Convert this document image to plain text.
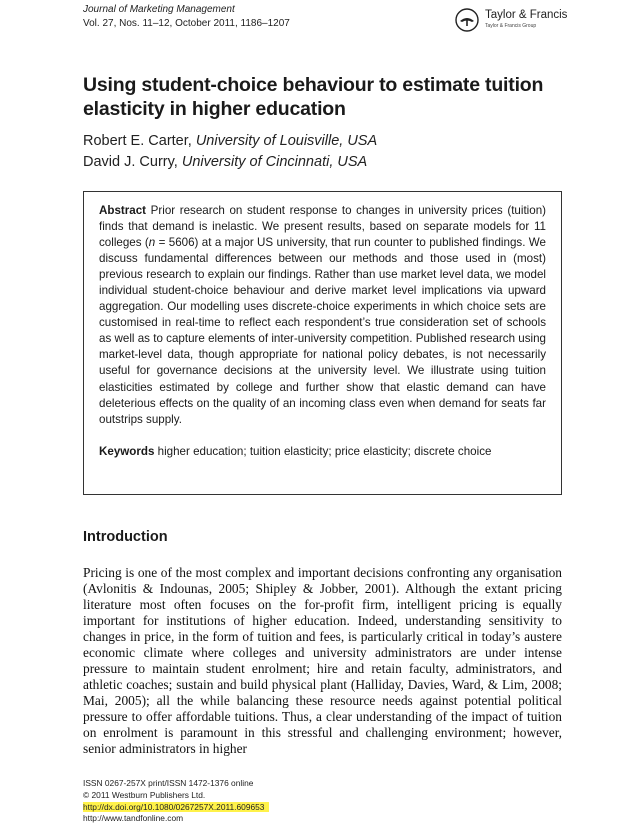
Journal of Marketing Management
Vol. 27, Nos. 11–12, October 2011, 1186–1207
Taylor & Francis
Taylor & Francis Group
Using student-choice behaviour to estimate tuition elasticity in higher education
Robert E. Carter, University of Louisville, USA
David J. Curry, University of Cincinnati, USA

Abstract Prior research on student response to changes in university prices (tuition) finds that demand is inelastic. We present results, based on separate models for 11 colleges (n = 5606) at a major US university, that run counter to published findings. We discuss fundamental differences between our methods and those used in (most) previous research to explain our findings. Rather than use market level data, we model individual student-choice behaviour and derive market level implications via upward aggregation. Our modelling uses discrete-choice experiments in which choice sets are customised in real-time to reflect each respondent’s true consideration set of schools as well as to capture elements of inter-university competition. Published research using market-level data, though appropriate for national policy debates, is not necessarily useful for governance decisions at the university level. We illustrate using tuition elasticities estimated by college and further show that elastic demand can have deleterious effects on the quality of an incoming class even when demand for seats far outstrips supply.

Keywords higher education; tuition elasticity; price elasticity; discrete choice

Introduction

Pricing is one of the most complex and important decisions confronting any organisation (Avlonitis & Indounas, 2005; Shipley & Jobber, 2001). Although the extant pricing literature most often focuses on the for-profit firm, intelligent pricing is equally important for institutions of higher education. Indeed, understanding sensitivity to changes in price, in the form of tuition and fees, is particularly critical in today’s austere economic climate where colleges and university administrators are under intense pressure to maintain student enrolment; hire and retain faculty, administrators, and athletic coaches; sustain and build physical plant (Halliday, Davies, Ward, & Lim, 2008; Mai, 2005); all the while balancing these resource needs against potential political pressure to offer affordable tuitions. Thus, a clear understanding of the impact of tuition on enrolment is paramount in this stressful and challenging environment; however, senior administrators in higher

ISSN 0267-257X print/ISSN 1472-1376 online
© 2011 Westburn Publishers Ltd.
http://dx.doi.org/10.1080/0267257X.2011.609653
http://www.tandfonline.com
